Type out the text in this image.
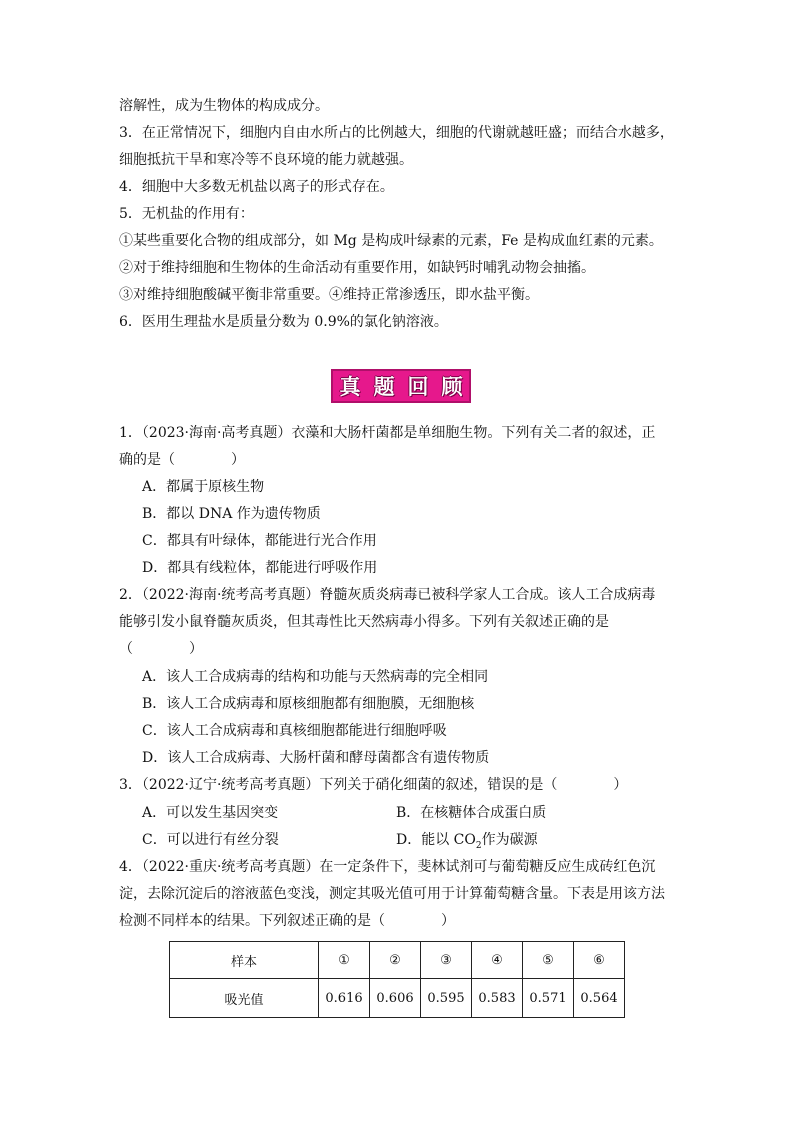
溶解性，成为生物体的构成成分。
3．在正常情况下，细胞内自由水所占的比例越大，细胞的代谢就越旺盛；而结合水越多，
细胞抵抗干旱和寒冷等不良环境的能力就越强。
4．细胞中大多数无机盐以离子的形式存在。
5．无机盐的作用有：
①某些重要化合物的组成部分，如 Mg 是构成叶绿素的元素，Fe 是构成血红素的元素。
②对于维持细胞和生物体的生命活动有重要作用，如缺钙时哺乳动物会抽搐。
③对维持细胞酸碱平衡非常重要。④维持正常渗透压，即水盐平衡。
6．医用生理盐水是质量分数为 0.9%的氯化钠溶液。
真题回顾
1．（2023·海南·高考真题）衣藻和大肠杆菌都是单细胞生物。下列有关二者的叙述，正
确的是（　　　　）
A．都属于原核生物
B．都以 DNA 作为遗传物质
C．都具有叶绿体，都能进行光合作用
D．都具有线粒体，都能进行呼吸作用
2．（2022·海南·统考高考真题）脊髓灰质炎病毒已被科学家人工合成。该人工合成病毒
能够引发小鼠脊髓灰质炎，但其毒性比天然病毒小得多。下列有关叙述正确的是
（　　　　）
A．该人工合成病毒的结构和功能与天然病毒的完全相同
B．该人工合成病毒和原核细胞都有细胞膜，无细胞核
C．该人工合成病毒和真核细胞都能进行细胞呼吸
D．该人工合成病毒、大肠杆菌和酵母菌都含有遗传物质
3．（2022·辽宁·统考高考真题）下列关于硝化细菌的叙述，错误的是（　　　　）
A．可以发生基因突变	B．在核糖体合成蛋白质
C．可以进行有丝分裂	D．能以 $CO_2$作为碳源
4．（2022·重庆·统考高考真题）在一定条件下，斐林试剂可与葡萄糖反应生成砖红色沉
淀，去除沉淀后的溶液蓝色变浅，测定其吸光值可用于计算葡萄糖含量。下表是用该方法
检测不同样本的结果。下列叙述正确的是（　　　　）
样本	①	②	③	④	⑤	⑥
吸光值	0.616	0.606	0.595	0.583	0.571	0.564
